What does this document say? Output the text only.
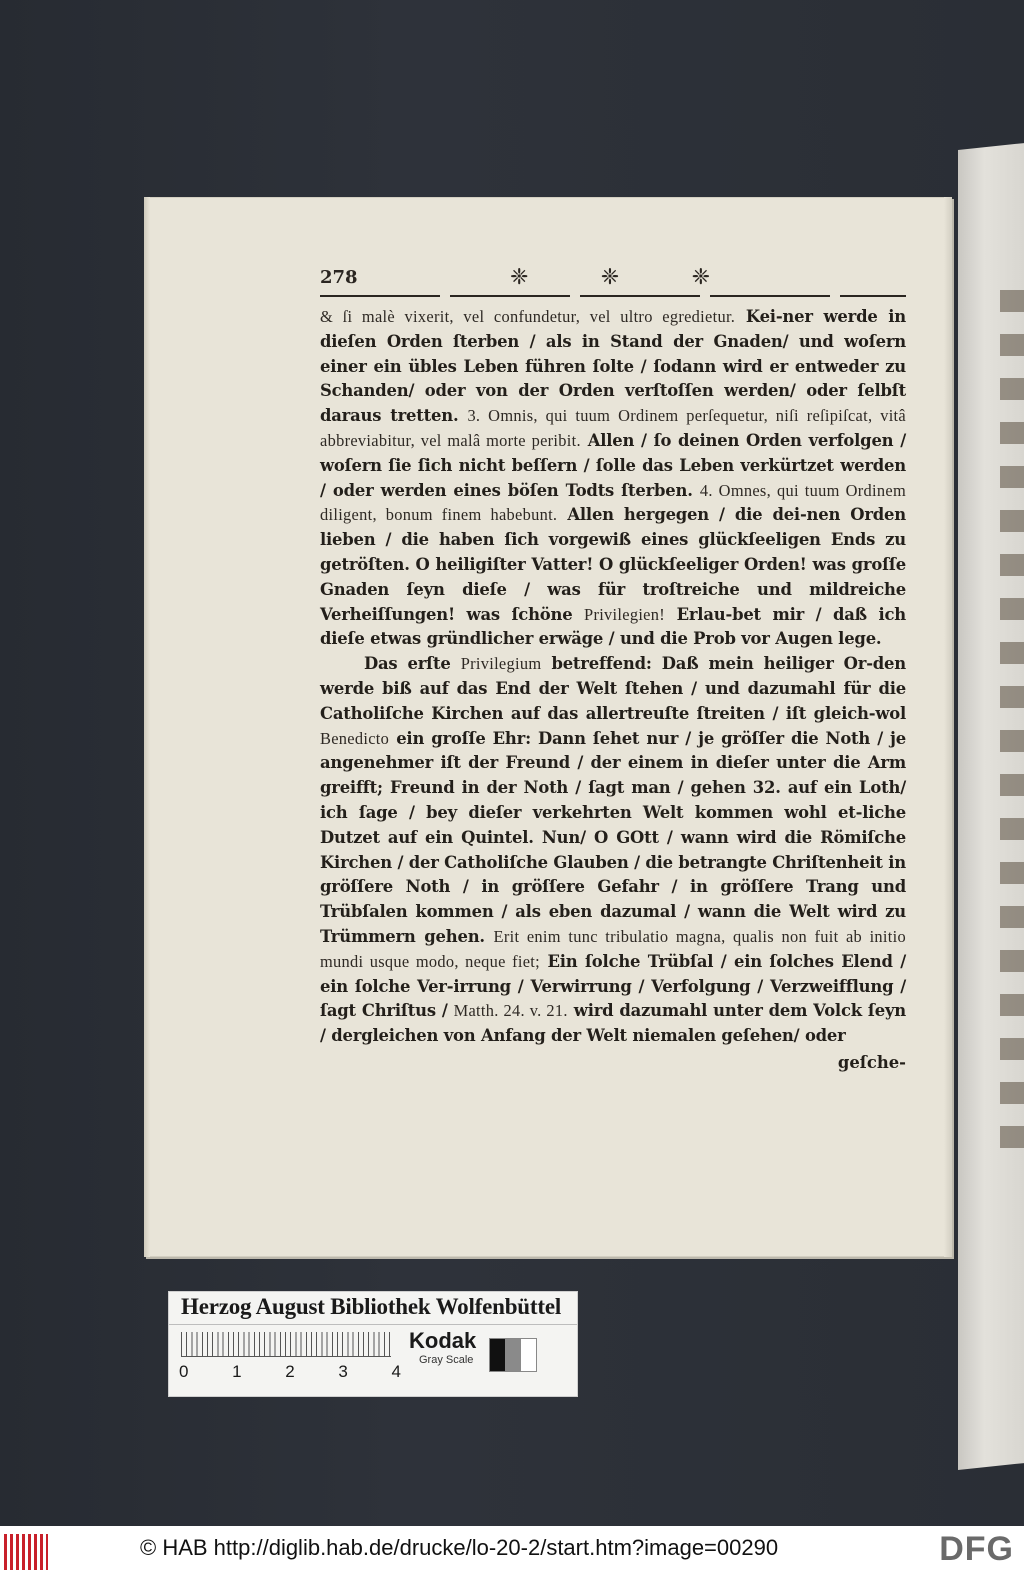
278	❈	❈	❈

& ſi malè vixerit, vel confundetur, vel ultro egredietur. Kei-ner werde in dieſen Orden ſterben / als in Stand der Gnaden/ und woſern einer ein übles Leben führen ſolte / ſodann wird er entweder zu Schanden/ oder von der Orden verſtoſſen werden/ oder ſelbſt daraus tretten. 3. Omnis, qui tuum Ordinem perſequetur, niſi reſipiſcat, vitâ abbreviabitur, vel malâ morte peribit. Allen / ſo deinen Orden verfolgen / woſern ſie ſich nicht beſſern / ſolle das Leben verkürtzet werden / oder werden eines böſen Todts ſterben. 4. Omnes, qui tuum Ordinem diligent, bonum finem habebunt. Allen hergegen / die dei-nen Orden lieben / die haben ſich vorgewiß eines glückſeeligen Ends zu getröſten. O heiligiſter Vatter! O glückſeeliger Orden! was groſſe Gnaden ſeyn dieſe / was für troſtreiche und mildreiche Verheiſſungen! was ſchöne Privilegien! Erlau-bet mir / daß ich dieſe etwas gründlicher erwäge / und die Prob vor Augen lege.

Das erſte Privilegium betreffend: Daß mein heiliger Or-den werde biß auf das End der Welt ſtehen / und dazumahl für die Catholiſche Kirchen auf das allertreuſte ſtreiten / iſt gleich-wol Benedicto ein groſſe Ehr: Dann ſehet nur / je gröſſer die Noth / je angenehmer iſt der Freund / der einem in dieſer unter die Arm greifft; Freund in der Noth / ſagt man / gehen 32. auf ein Loth/ ich ſage / bey dieſer verkehrten Welt kommen wohl et-liche Dutzet auf ein Quintel. Nun/ O GOtt / wann wird die Römiſche Kirchen / der Catholiſche Glauben / die betrangte Chriſtenheit in gröſſere Noth / in gröſſere Gefahr / in gröſſere Trang und Trübſalen kommen / als eben dazumal / wann die Welt wird zu Trümmern gehen. Erit enim tunc tribulatio magna, qualis non fuit ab initio mundi usque modo, neque fiet; Ein ſolche Trübſal / ein ſolches Elend / ein ſolche Ver-irrung / Verwirrung / Verfolgung / Verzweifflung / ſagt Chriſtus / Matth. 24. v. 21. wird dazumahl unter dem Volck ſeyn / dergleichen von Anfang der Welt niemalen geſehen/ oder

geſche-
Herzog August Bibliothek Wolfenbüttel
0	1	2	3	4
Kodak
Gray Scale
© HAB http://diglib.hab.de/drucke/lo-20-2/start.htm?image=00290	DFG
